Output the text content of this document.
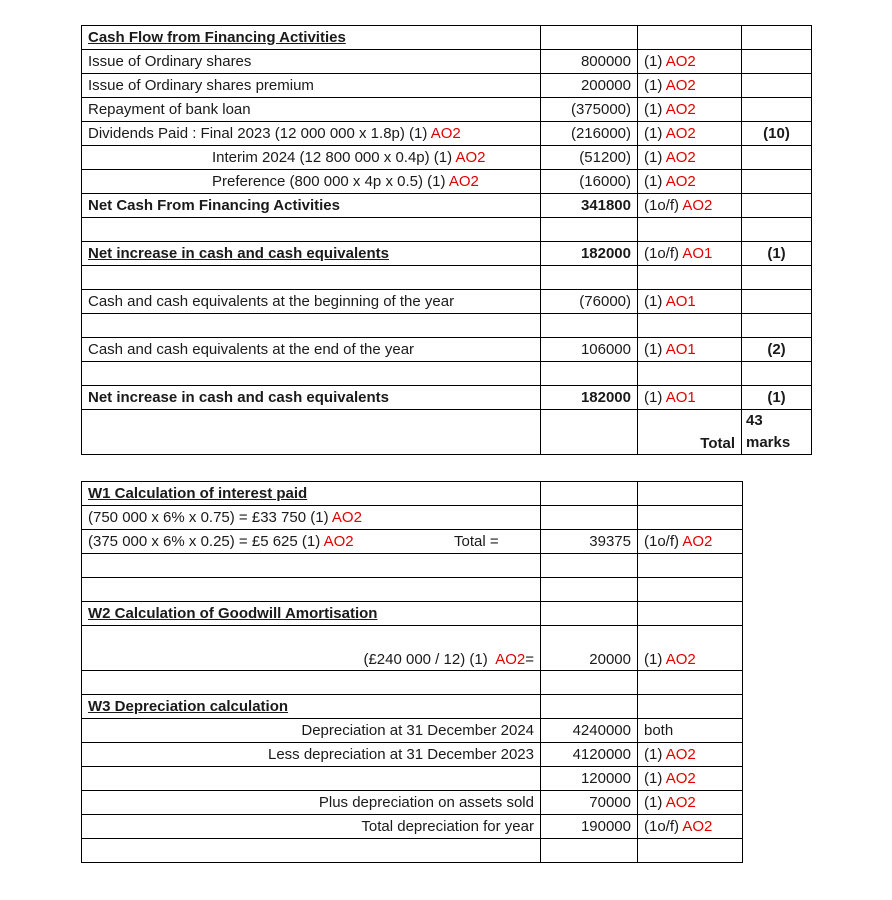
Cash Flow from Financing Activities			
Issue of Ordinary shares	800000	(1) AO2	
Issue of Ordinary shares premium	200000	(1) AO2	
Repayment of bank loan	(375000)	(1) AO2	
Dividends Paid : Final 2023 (12 000 000 x 1.8p) (1) AO2	(216000)	(1) AO2	(10)
Interim 2024 (12 800 000 x 0.4p) (1) AO2	(51200)	(1) AO2	
Preference (800 000 x 4p x 0.5) (1) AO2	(16000)	(1) AO2	
Net Cash From Financing Activities	341800	(1o/f) AO2	

Net increase in cash and cash equivalents	182000	(1o/f) AO1	(1)

Cash and cash equivalents at the beginning of the year	(76000)	(1) AO1	

Cash and cash equivalents at the end of the year	106000	(1) AO1	(2)

Net increase in cash and cash equivalents	182000	(1) AO1	(1)
		Total	43
marks
W1 Calculation of interest paid		
(750 000 x 6% x 0.75) = £33 750 (1) AO2		
(375 000 x 6% x 0.25) = £5 625 (1) AO2 Total =	39375	(1o/f) AO2

W2 Calculation of Goodwill Amortisation		
(£240 000 / 12) (1) AO2=	20000	(1) AO2

W3 Depreciation calculation		
Depreciation at 31 December 2024	4240000	both
Less depreciation at 31 December 2023	4120000	(1) AO2
	120000	(1) AO2
Plus depreciation on assets sold	70000	(1) AO2
Total depreciation for year	190000	(1o/f) AO2
